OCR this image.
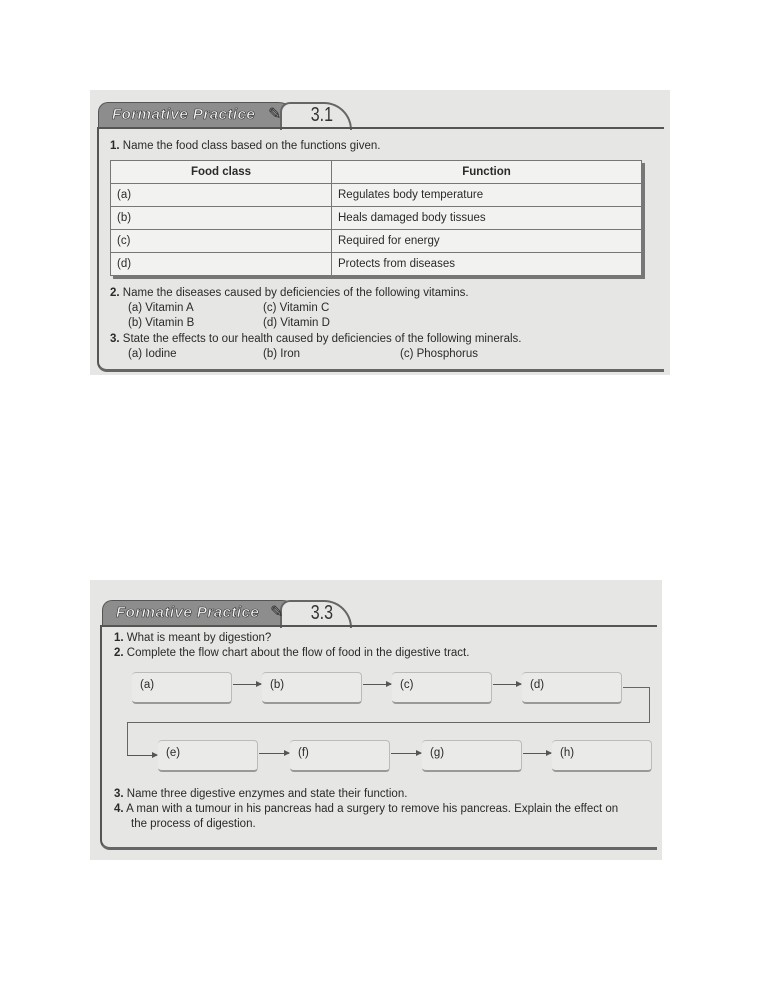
Formative Practice ✎ 3.1
1. Name the food class based on the functions given.
Food class	Function
(a)	Regulates body temperature
(b)	Heals damaged body tissues
(c)	Required for energy
(d)	Protects from diseases
2. Name the diseases caused by deficiencies of the following vitamins.
(a) Vitamin A
(b) Vitamin B
(c) Vitamin C
(d) Vitamin D
3. State the effects to our health caused by deficiencies of the following minerals.
(a) Iodine	(b) Iron	(c) Phosphorus
Formative Practice ✎ 3.3
1. What is meant by digestion?
2. Complete the flow chart about the flow of food in the digestive tract.
(a)	(b)	(c)	(d)
(e)	(f)	(g)	(h)
3. Name three digestive enzymes and state their function.
4. A man with a tumour in his pancreas had a surgery to remove his pancreas. Explain the effect on
the process of digestion.
